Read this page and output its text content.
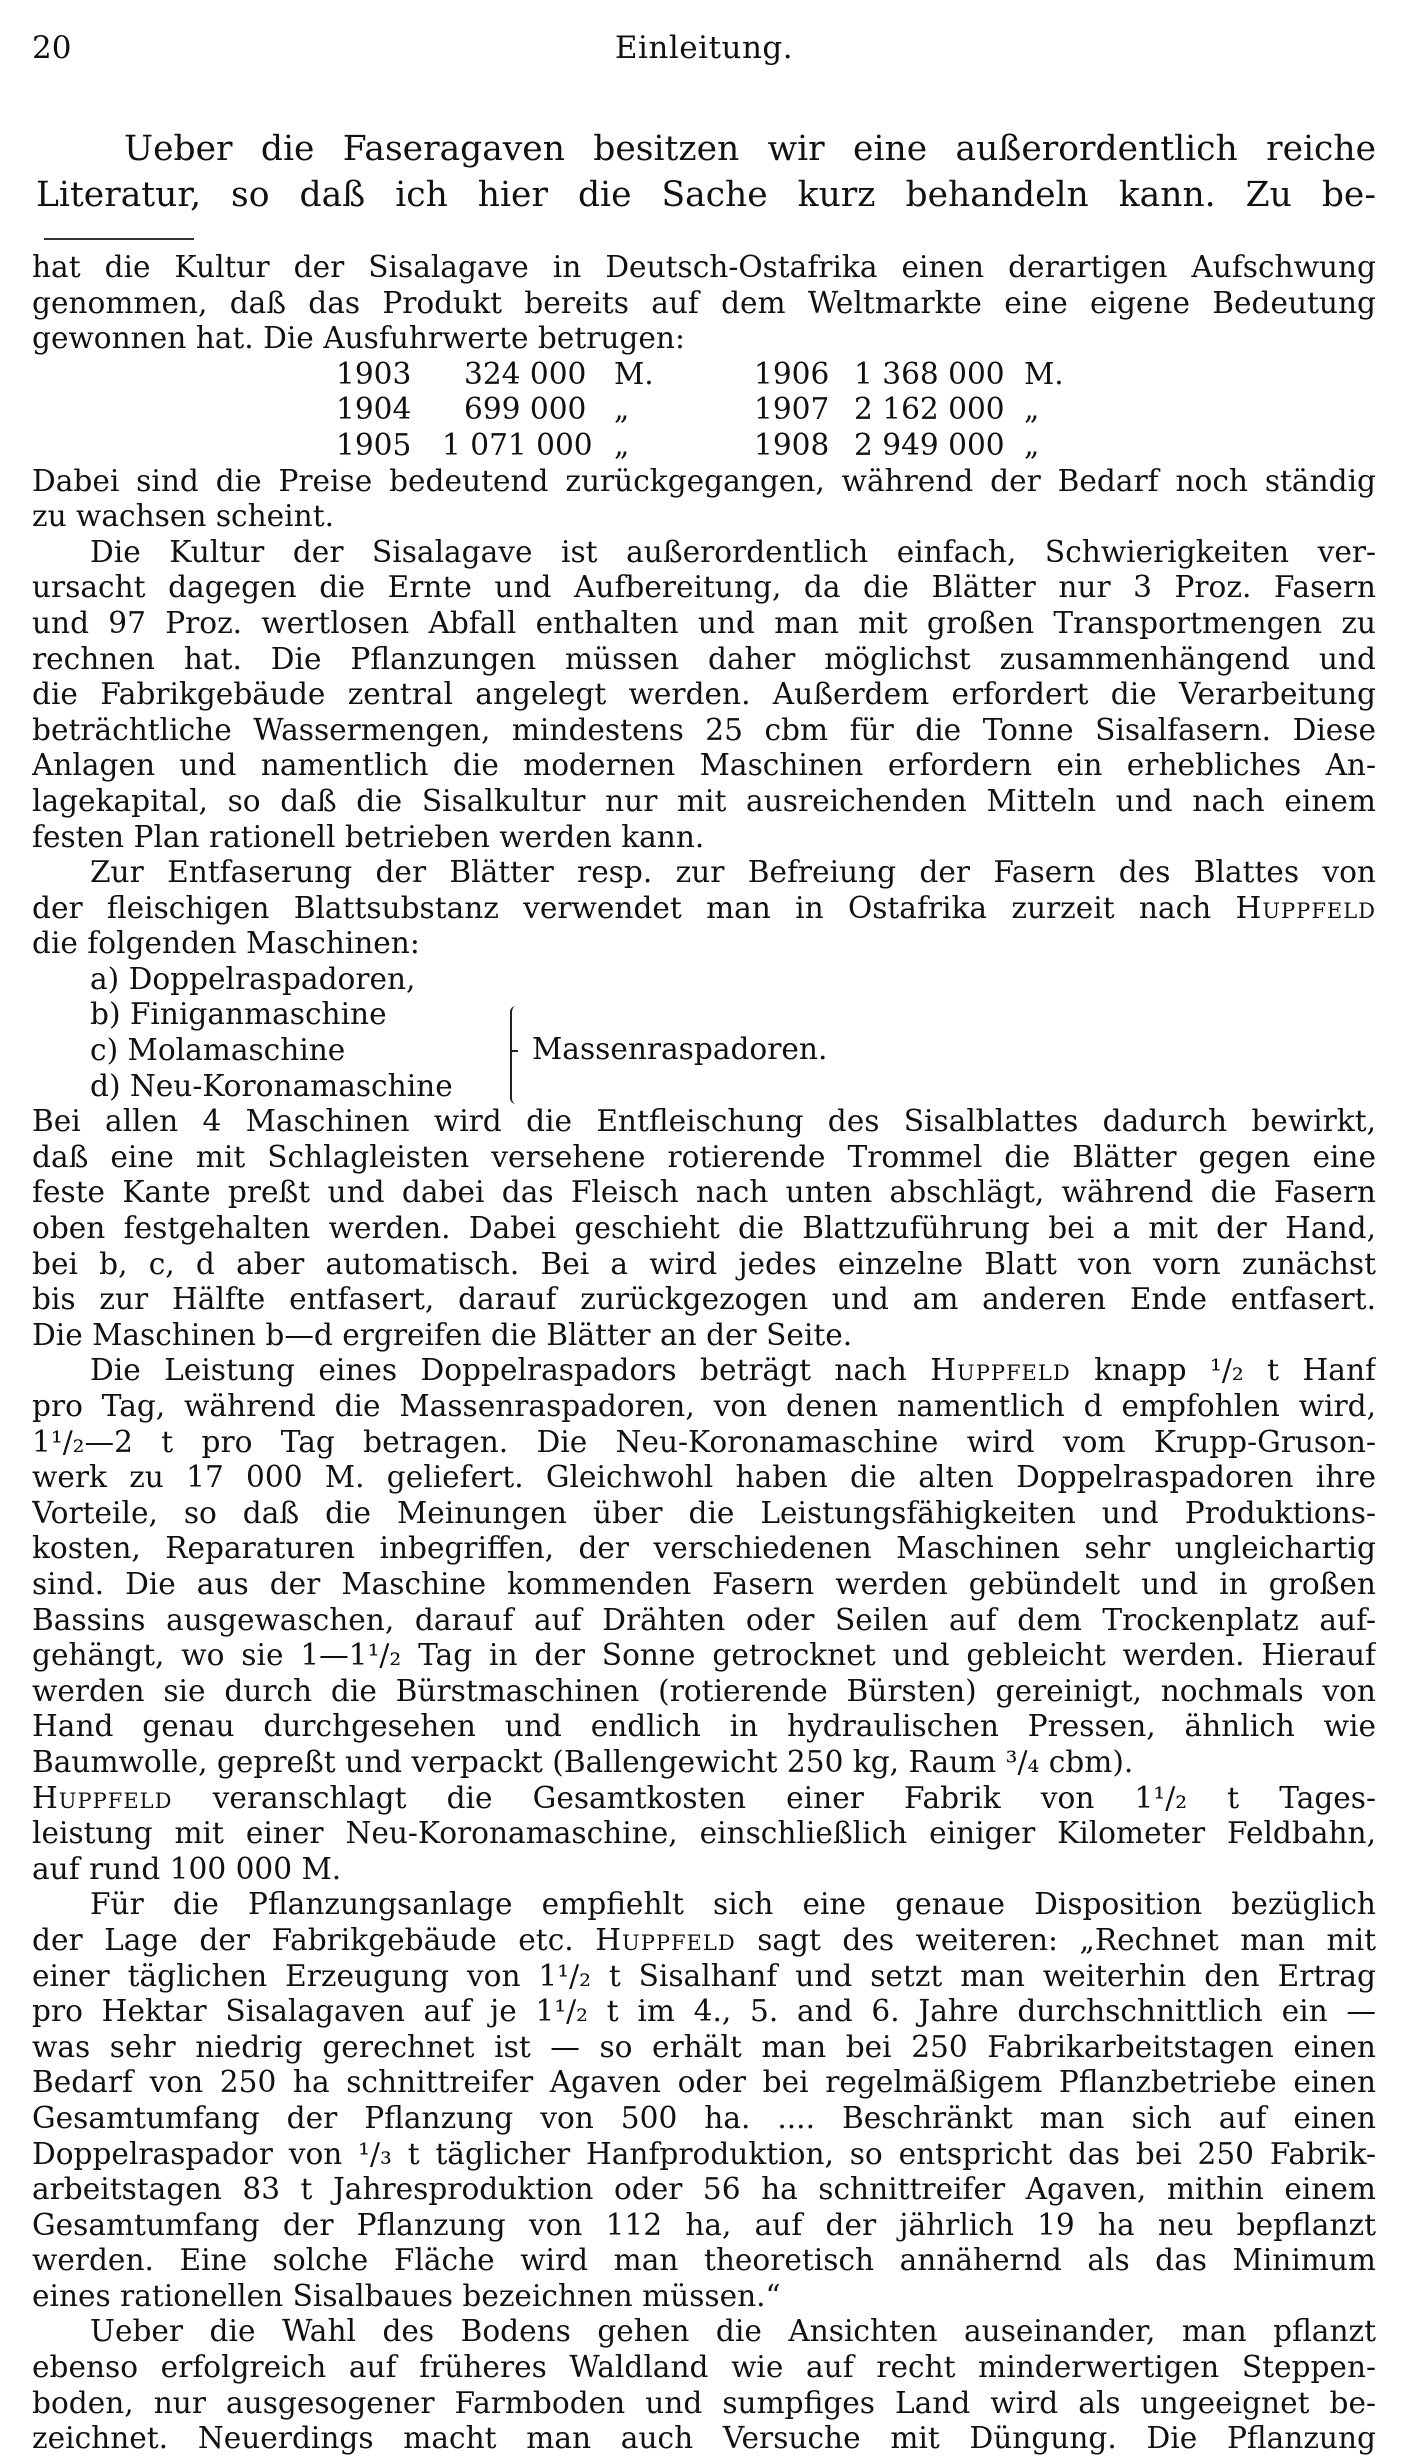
20	Einleitung.
Ueber die Faseragaven besitzen wir eine außerordentlich reiche
Literatur, so daß ich hier die Sache kurz behandeln kann. Zu be-
hat die Kultur der Sisalagave in Deutsch-Ostafrika einen derartigen Aufschwung
genommen, daß das Produkt bereits auf dem Weltmarkte eine eigene Bedeutung
gewonnen hat. Die Ausfuhrwerte betrugen:
1903 324 000 M.
1904 699 000 „
1905 1 071 000 „
1906 1 368 000 M.
1907 2 162 000 „
1908 2 949 000 „
Dabei sind die Preise bedeutend zurückgegangen, während der Bedarf noch ständig
zu wachsen scheint.
Die Kultur der Sisalagave ist außerordentlich einfach, Schwierigkeiten ver-
ursacht dagegen die Ernte und Aufbereitung, da die Blätter nur 3 Proz. Fasern
und 97 Proz. wertlosen Abfall enthalten und man mit großen Transportmengen zu
rechnen hat. Die Pflanzungen müssen daher möglichst zusammenhängend und
die Fabrikgebäude zentral angelegt werden. Außerdem erfordert die Verarbeitung
beträchtliche Wassermengen, mindestens 25 cbm für die Tonne Sisalfasern. Diese
Anlagen und namentlich die modernen Maschinen erfordern ein erhebliches An-
lagekapital, so daß die Sisalkultur nur mit ausreichenden Mitteln und nach einem
festen Plan rationell betrieben werden kann.
Zur Entfaserung der Blätter resp. zur Befreiung der Fasern des Blattes von
der fleischigen Blattsubstanz verwendet man in Ostafrika zurzeit nach Huppfeld
die folgenden Maschinen:
a) Doppelraspadoren,
b) Finiganmaschine
c) Molamaschine
d) Neu-Koronamaschine
Massenraspadoren.
Bei allen 4 Maschinen wird die Entfleischung des Sisalblattes dadurch bewirkt,
daß eine mit Schlagleisten versehene rotierende Trommel die Blätter gegen eine
feste Kante preßt und dabei das Fleisch nach unten abschlägt, während die Fasern
oben festgehalten werden. Dabei geschieht die Blattzuführung bei a mit der Hand,
bei b, c, d aber automatisch. Bei a wird jedes einzelne Blatt von vorn zunächst
bis zur Hälfte entfasert, darauf zurückgezogen und am anderen Ende entfasert.
Die Maschinen b—d ergreifen die Blätter an der Seite.
Die Leistung eines Doppelraspadors beträgt nach Huppfeld knapp ¹/₂ t Hanf
pro Tag, während die Massenraspadoren, von denen namentlich d empfohlen wird,
1¹/₂—2 t pro Tag betragen. Die Neu-Koronamaschine wird vom Krupp-Gruson-
werk zu 17 000 M. geliefert. Gleichwohl haben die alten Doppelraspadoren ihre
Vorteile, so daß die Meinungen über die Leistungsfähigkeiten und Produktions-
kosten, Reparaturen inbegriffen, der verschiedenen Maschinen sehr ungleichartig
sind. Die aus der Maschine kommenden Fasern werden gebündelt und in großen
Bassins ausgewaschen, darauf auf Drähten oder Seilen auf dem Trockenplatz auf-
gehängt, wo sie 1—1¹/₂ Tag in der Sonne getrocknet und gebleicht werden. Hierauf
werden sie durch die Bürstmaschinen (rotierende Bürsten) gereinigt, nochmals von
Hand genau durchgesehen und endlich in hydraulischen Pressen, ähnlich wie
Baumwolle, gepreßt und verpackt (Ballengewicht 250 kg, Raum ³/₄ cbm).
Huppfeld veranschlagt die Gesamtkosten einer Fabrik von 1¹/₂ t Tages-
leistung mit einer Neu-Koronamaschine, einschließlich einiger Kilometer Feldbahn,
auf rund 100 000 M.
Für die Pflanzungsanlage empfiehlt sich eine genaue Disposition bezüglich
der Lage der Fabrikgebäude etc. Huppfeld sagt des weiteren: „Rechnet man mit
einer täglichen Erzeugung von 1¹/₂ t Sisalhanf und setzt man weiterhin den Ertrag
pro Hektar Sisalagaven auf je 1¹/₂ t im 4., 5. and 6. Jahre durchschnittlich ein —
was sehr niedrig gerechnet ist — so erhält man bei 250 Fabrikarbeitstagen einen
Bedarf von 250 ha schnittreifer Agaven oder bei regelmäßigem Pflanzbetriebe einen
Gesamtumfang der Pflanzung von 500 ha. .... Beschränkt man sich auf einen
Doppelraspador von ¹/₃ t täglicher Hanfproduktion, so entspricht das bei 250 Fabrik-
arbeitstagen 83 t Jahresproduktion oder 56 ha schnittreifer Agaven, mithin einem
Gesamtumfang der Pflanzung von 112 ha, auf der jährlich 19 ha neu bepflanzt
werden. Eine solche Fläche wird man theoretisch annähernd als das Minimum
eines rationellen Sisalbaues bezeichnen müssen.“
Ueber die Wahl des Bodens gehen die Ansichten auseinander, man pflanzt
ebenso erfolgreich auf früheres Waldland wie auf recht minderwertigen Steppen-
boden, nur ausgesogener Farmboden und sumpfiges Land wird als ungeeignet be-
zeichnet. Neuerdings macht man auch Versuche mit Düngung. Die Pflanzung
